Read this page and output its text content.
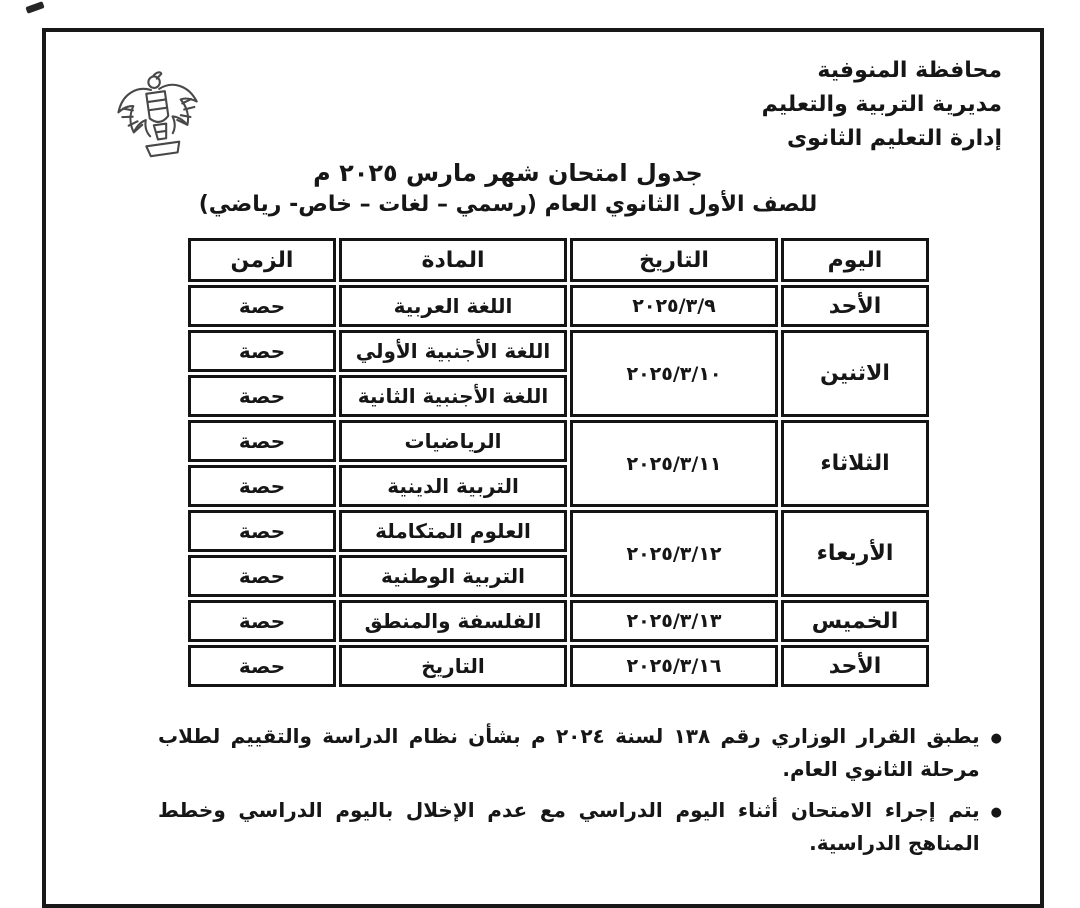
محافظة المنوفية
مديرية التربية والتعليم
إدارة التعليم الثانوى
جدول امتحان شهر مارس ٢٠٢٥ م
للصف الأول الثانوي العام (رسمي – لغات – خاص- رياضي)
اليوم	التاريخ	المادة	الزمن
الأحد	٢٠٢٥/٣/٩	اللغة العربية	حصة
الاثنين	٢٠٢٥/٣/١٠	اللغة الأجنبية الأولي	حصة
		اللغة الأجنبية الثانية	حصة
الثلاثاء	٢٠٢٥/٣/١١	الرياضيات	حصة
		التربية الدينية	حصة
الأربعاء	٢٠٢٥/٣/١٢	العلوم المتكاملة	حصة
		التربية الوطنية	حصة
الخميس	٢٠٢٥/٣/١٣	الفلسفة والمنطق	حصة
الأحد	٢٠٢٥/٣/١٦	التاريخ	حصة
●
يطبق القرار الوزاري رقم ١٣٨ لسنة ٢٠٢٤ م بشأن نظام الدراسة والتقييم لطلاب مرحلة الثانوي العام.
●
يتم إجراء الامتحان أثناء اليوم الدراسي مع عدم الإخلال باليوم الدراسي وخطط المناهج الدراسية.
